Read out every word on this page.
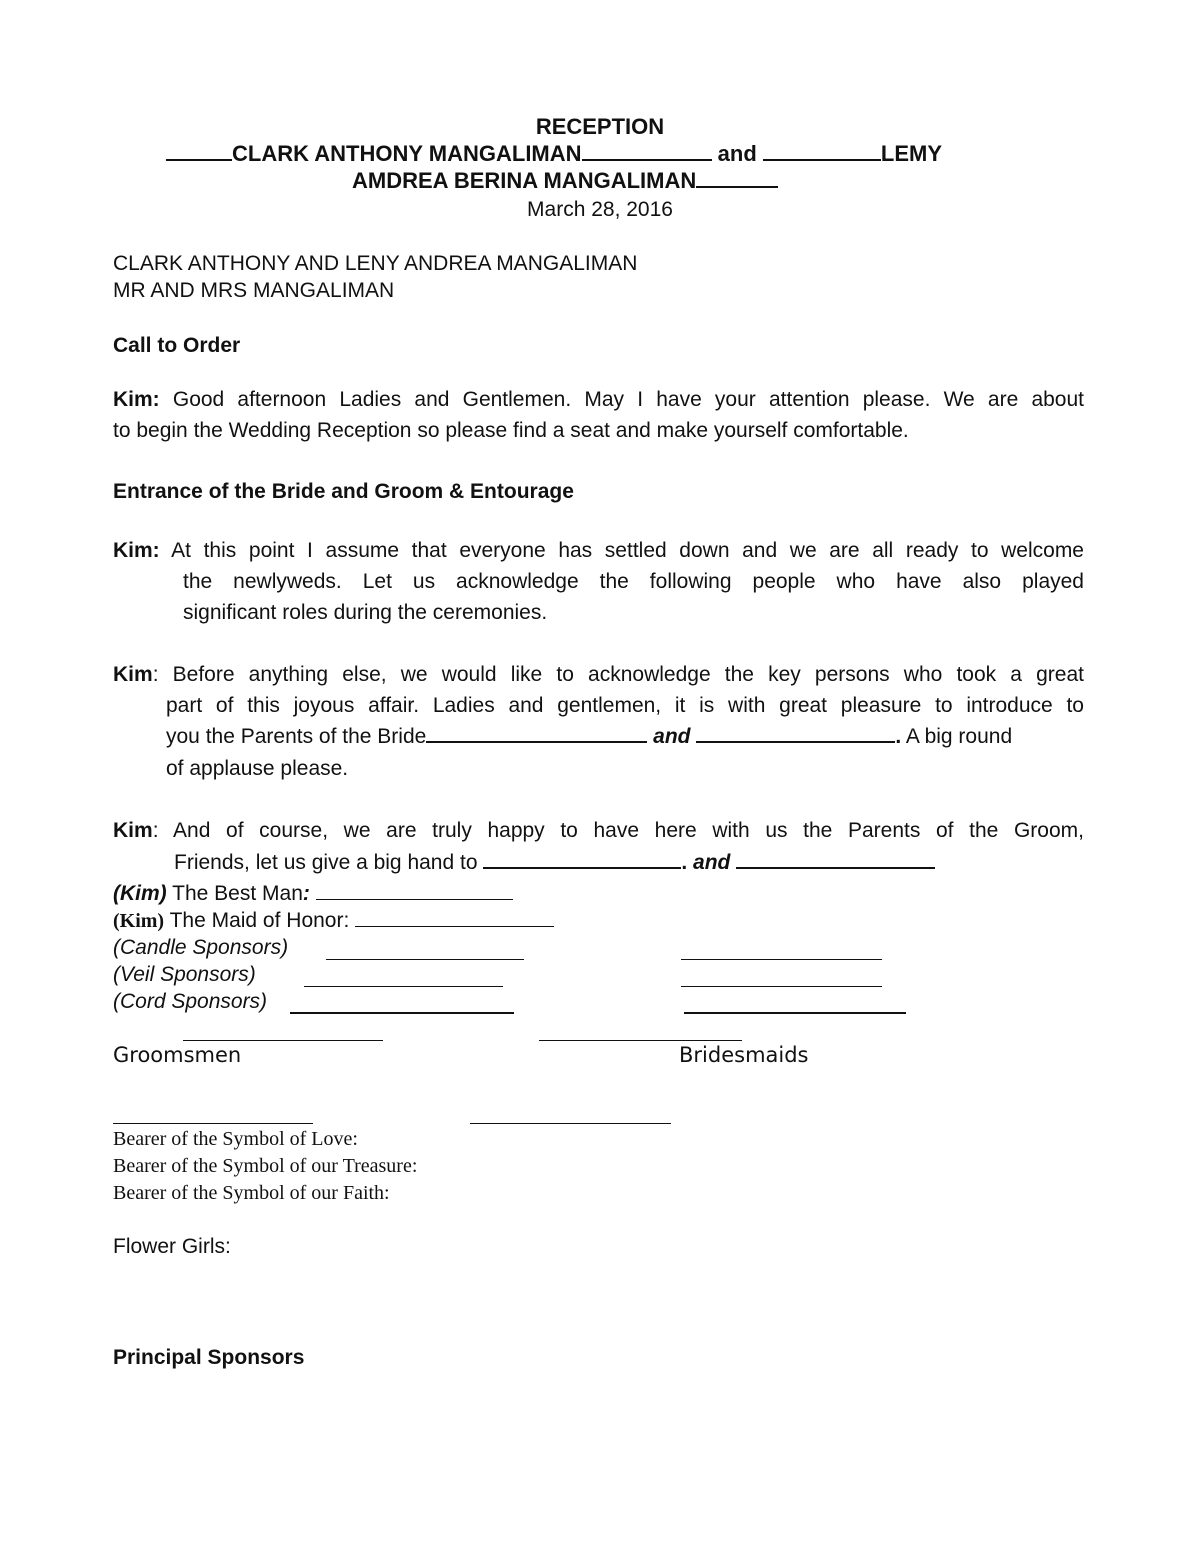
RECEPTION
CLARK ANTHONY MANGALIMAN	and	LEMY
AMDREA BERINA MANGALIMAN
March 28, 2016
CLARK ANTHONY AND LENY ANDREA MANGALIMAN
MR AND MRS MANGALIMAN
Call to Order
Kim: Good afternoon Ladies and Gentlemen. May I have your attention please. We are about
to begin the Wedding Reception so please find a seat and make yourself comfortable.
Entrance of the Bride and Groom & Entourage
Kim: At this point I assume that everyone has settled down and we are all ready to welcome
the newlyweds. Let us acknowledge the following people who have also played
significant roles during the ceremonies.
Kim: Before anything else, we would like to acknowledge the key persons who took a great
part of this joyous affair. Ladies and gentlemen, it is with great pleasure to introduce to
you the Parents of the Bride	and	. A big round
of applause please.
Kim: And of course, we are truly happy to have here with us the Parents of the Groom,
Friends, let us give a big hand to	. and
(Kim) The Best Man:
(Kim) The Maid of Honor:
(Candle Sponsors)
(Veil Sponsors)
(Cord Sponsors)
Groomsmen	Bridesmaids
Bearer of the Symbol of Love:
Bearer of the Symbol of our Treasure:
Bearer of the Symbol of our Faith:
Flower Girls:
Principal Sponsors
